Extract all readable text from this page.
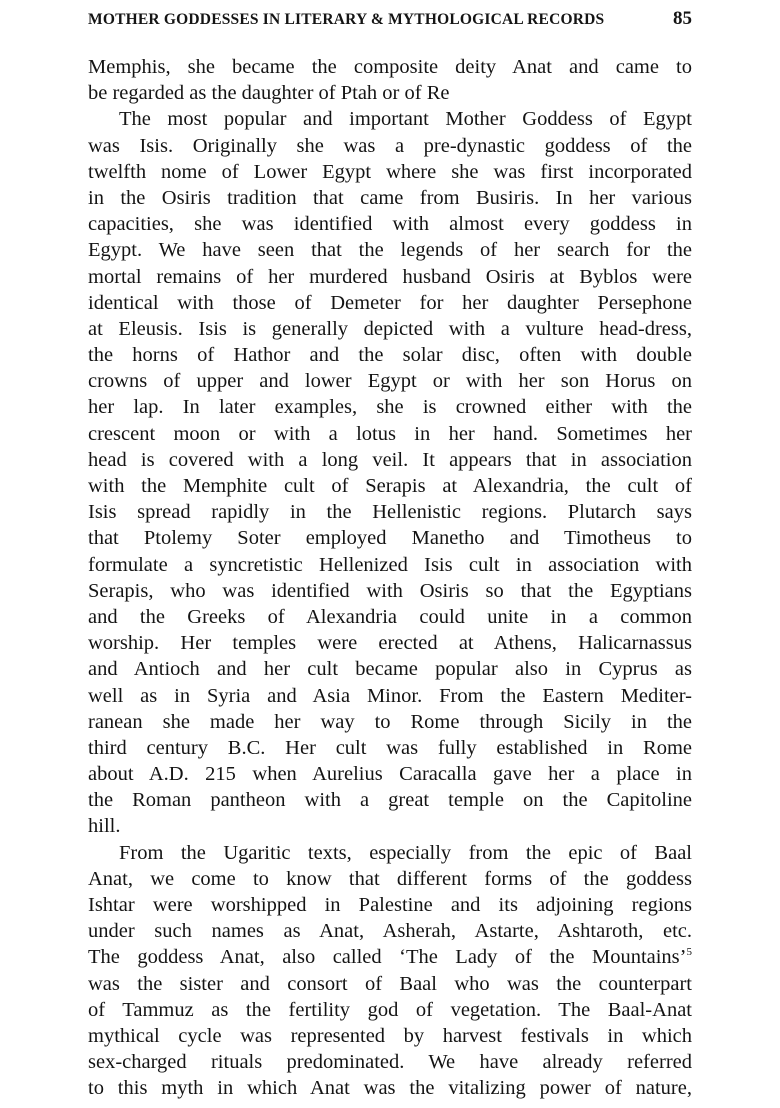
MOTHER GODDESSES IN LITERARY & MYTHOLOGICAL RECORDS	85
Memphis, she became the composite deity Anat and came to
be regarded as the daughter of Ptah or of Re
The most popular and important Mother Goddess of Egypt
was Isis. Originally she was a pre-dynastic goddess of the
twelfth nome of Lower Egypt where she was first incorporated
in the Osiris tradition that came from Busiris. In her various
capacities, she was identified with almost every goddess in
Egypt. We have seen that the legends of her search for the
mortal remains of her murdered husband Osiris at Byblos were
identical with those of Demeter for her daughter Persephone
at Eleusis. Isis is generally depicted with a vulture head-dress,
the horns of Hathor and the solar disc, often with double
crowns of upper and lower Egypt or with her son Horus on
her lap. In later examples, she is crowned either with the
crescent moon or with a lotus in her hand. Sometimes her
head is covered with a long veil. It appears that in association
with the Memphite cult of Serapis at Alexandria, the cult of
Isis spread rapidly in the Hellenistic regions. Plutarch says
that Ptolemy Soter employed Manetho and Timotheus to
formulate a syncretistic Hellenized Isis cult in association with
Serapis, who was identified with Osiris so that the Egyptians
and the Greeks of Alexandria could unite in a common
worship. Her temples were erected at Athens, Halicarnassus
and Antioch and her cult became popular also in Cyprus as
well as in Syria and Asia Minor. From the Eastern Mediter-
ranean she made her way to Rome through Sicily in the
third century B.C. Her cult was fully established in Rome
about A.D. 215 when Aurelius Caracalla gave her a place in
the Roman pantheon with a great temple on the Capitoline
hill.
From the Ugaritic texts, especially from the epic of Baal
Anat, we come to know that different forms of the goddess
Ishtar were worshipped in Palestine and its adjoining regions
under such names as Anat, Asherah, Astarte, Ashtaroth, etc.
The goddess Anat, also called ‘The Lady of the Mountains’$^5$
was the sister and consort of Baal who was the counterpart
of Tammuz as the fertility god of vegetation. The Baal-Anat
mythical cycle was represented by harvest festivals in which
sex-charged rituals predominated. We have already referred
to this myth in which Anat was the vitalizing power of nature,
